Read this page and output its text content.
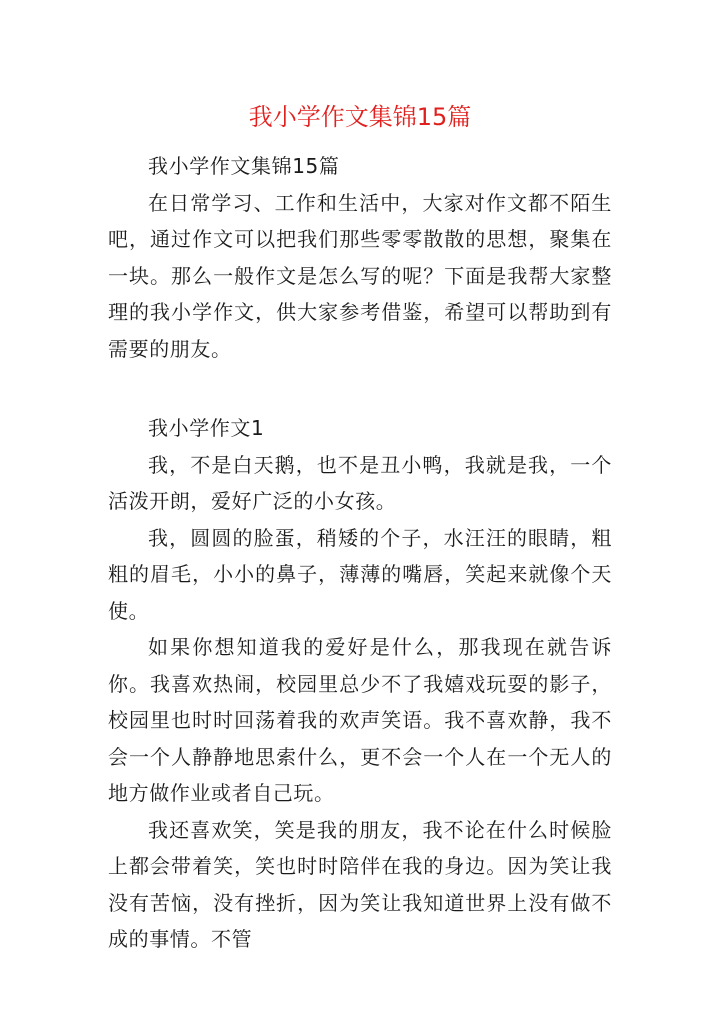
我小学作文集锦15篇

我小学作文集锦15篇

在日常学习、工作和生活中，大家对作文都不陌生吧，通过作文可以把我们那些零零散散的思想，聚集在一块。那么一般作文是怎么写的呢？下面是我帮大家整理的我小学作文，供大家参考借鉴，希望可以帮助到有需要的朋友。

我小学作文1

我，不是白天鹅，也不是丑小鸭，我就是我，一个活泼开朗，爱好广泛的小女孩。

我，圆圆的脸蛋，稍矮的个子，水汪汪的眼睛，粗粗的眉毛，小小的鼻子，薄薄的嘴唇，笑起来就像个天使。

如果你想知道我的爱好是什么，那我现在就告诉你。我喜欢热闹，校园里总少不了我嬉戏玩耍的影子，校园里也时时回荡着我的欢声笑语。我不喜欢静，我不会一个人静静地思索什么，更不会一个人在一个无人的地方做作业或者自己玩。

我还喜欢笑，笑是我的朋友，我不论在什么时候脸上都会带着笑，笑也时时陪伴在我的身边。因为笑让我没有苦恼，没有挫折，因为笑让我知道世界上没有做不成的事情。不管
